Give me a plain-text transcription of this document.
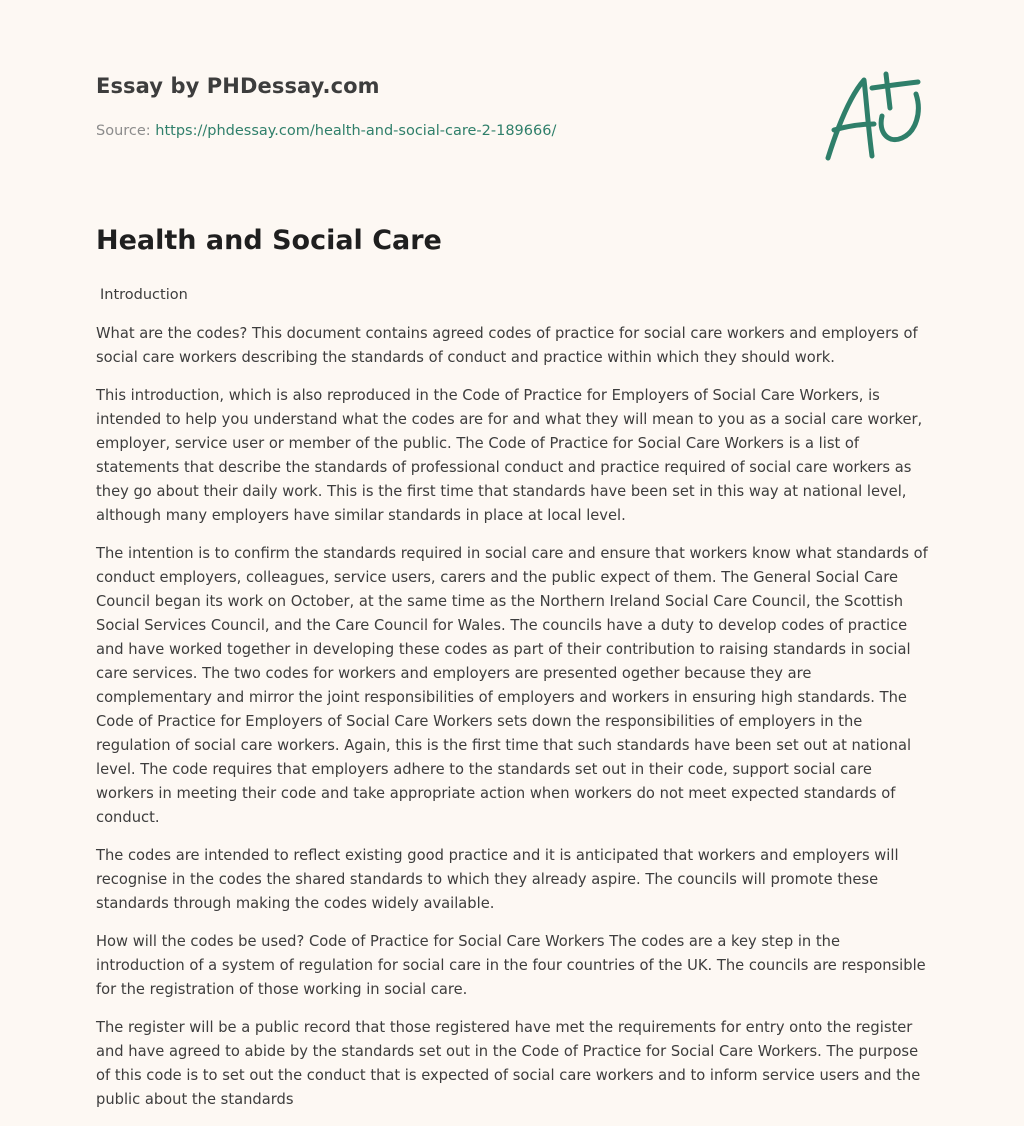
Essay by PHDessay.com
Source: https://phdessay.com/health-and-social-care-2-189666/
Health and Social Care
Introduction

What are the codes? This document contains agreed codes of practice for social care workers and employers of social care workers describing the standards of conduct and practice within which they should work.

This introduction, which is also reproduced in the Code of Practice for Employers of Social Care Workers, is intended to help you understand what the codes are for and what they will mean to you as a social care worker, employer, service user or member of the public. The Code of Practice for Social Care Workers is a list of statements that describe the standards of professional conduct and practice required of social care workers as they go about their daily work. This is the first time that standards have been set in this way at national level, although many employers have similar standards in place at local level.

The intention is to confirm the standards required in social care and ensure that workers know what standards of conduct employers, colleagues, service users, carers and the public expect of them. The General Social Care Council began its work on October, at the same time as the Northern Ireland Social Care Council, the Scottish Social Services Council, and the Care Council for Wales. The councils have a duty to develop codes of practice and have worked together in developing these codes as part of their contribution to raising standards in social care services. The two codes for workers and employers are presented ogether because they are complementary and mirror the joint responsibilities of employers and workers in ensuring high standards. The Code of Practice for Employers of Social Care Workers sets down the responsibilities of employers in the regulation of social care workers. Again, this is the first time that such standards have been set out at national level. The code requires that employers adhere to the standards set out in their code, support social care workers in meeting their code and take appropriate action when workers do not meet expected standards of conduct.

The codes are intended to reflect existing good practice and it is anticipated that workers and employers will recognise in the codes the shared standards to which they already aspire. The councils will promote these standards through making the codes widely available.

How will the codes be used? Code of Practice for Social Care Workers The codes are a key step in the introduction of a system of regulation for social care in the four countries of the UK. The councils are responsible for the registration of those working in social care.

The register will be a public record that those registered have met the requirements for entry onto the register and have agreed to abide by the standards set out in the Code of Practice for Social Care Workers. The purpose of this code is to set out the conduct that is expected of social care workers and to inform service users and the public about the standards
